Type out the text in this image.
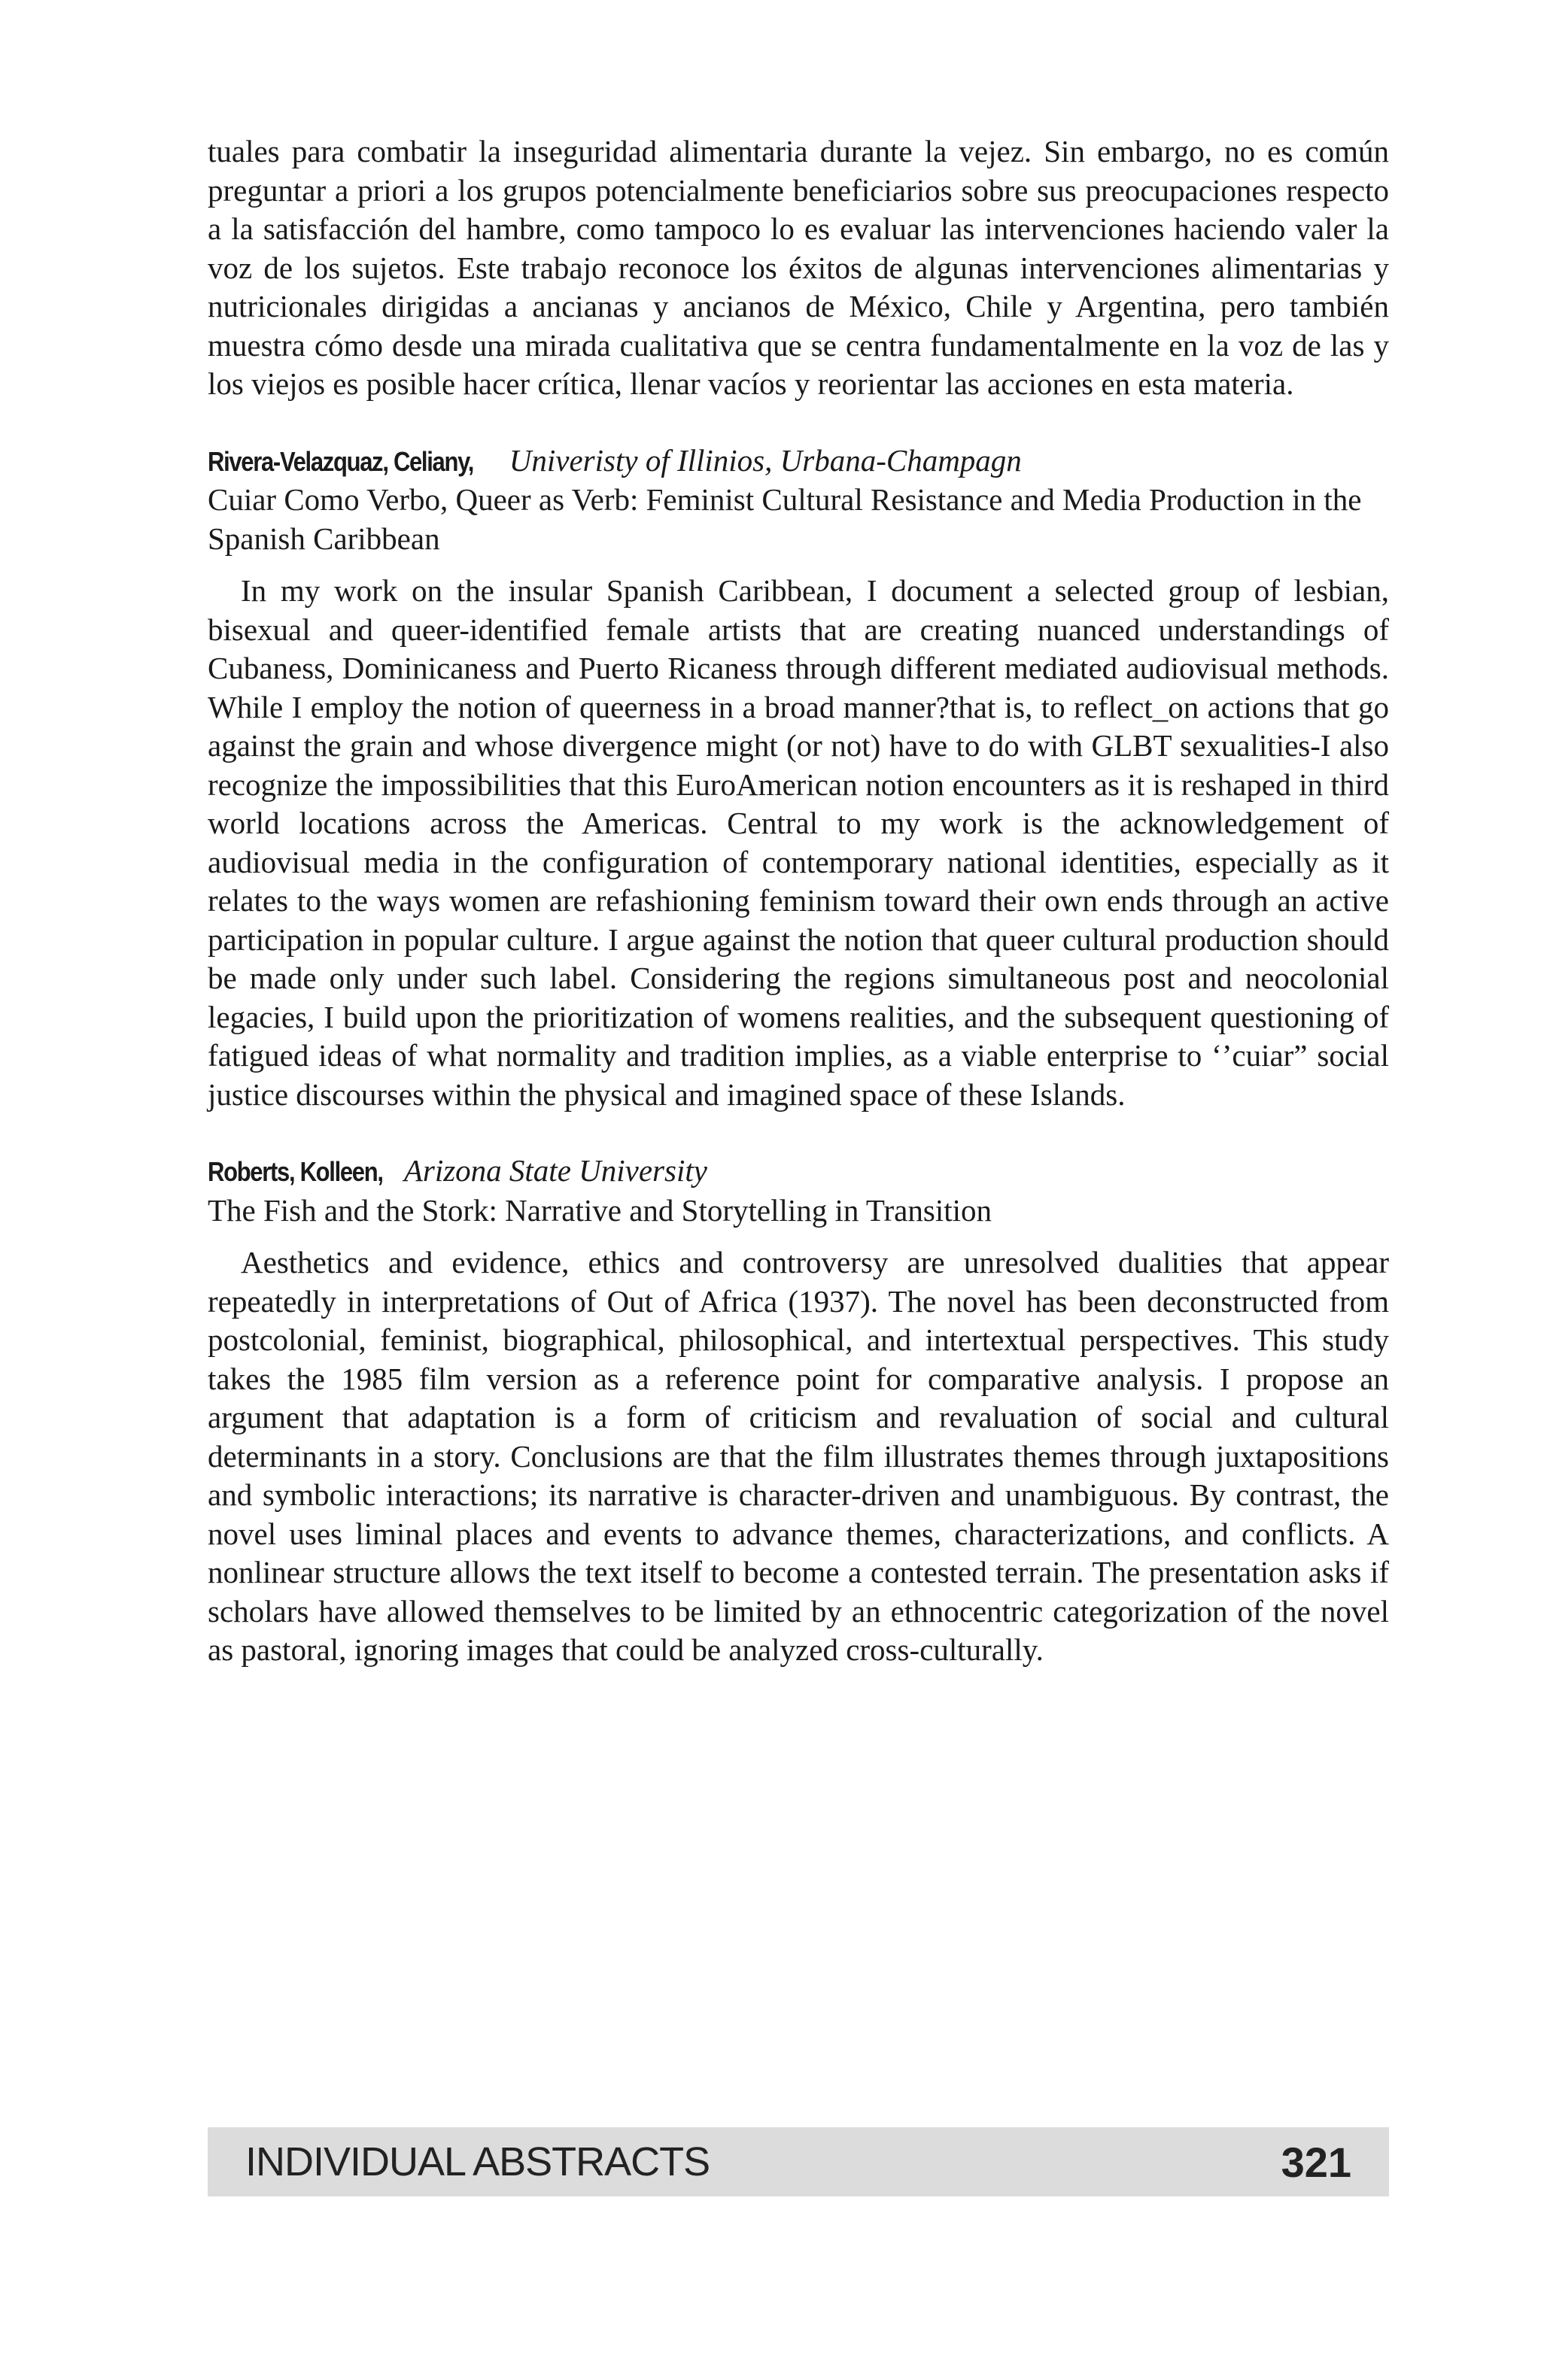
tuales para combatir la inseguridad alimentaria durante la vejez. Sin embargo, no es común preguntar a priori a los grupos potencialmente beneficiarios sobre sus preocupaciones respecto a la satisfacción del hambre, como tampoco lo es evaluar las intervenciones haciendo valer la voz de los sujetos. Este trabajo reconoce los éxitos de algunas intervenciones alimentarias y nutricionales dirigidas a ancianas y ancianos de México, Chile y Argentina, pero también muestra cómo desde una mirada cualitativa que se centra fundamentalmente en la voz de las y los viejos es posible hacer crítica, llenar vacíos y reorientar las acciones en esta materia.

Rivera-Velazquaz, Celiany, Univeristy of Illinios, Urbana-Champagn

Cuiar Como Verbo, Queer as Verb: Feminist Cultural Resistance and Media Production in the Spanish Caribbean

In my work on the insular Spanish Caribbean, I document a selected group of lesbian, bisexual and queer-identified female artists that are creating nuanced understandings of Cubaness, Dominicaness and Puerto Ricaness through different mediated audiovisual methods. While I employ the notion of queerness in a broad manner?that is, to reflect_on actions that go against the grain and whose divergence might (or not) have to do with GLBT sexualities-I also recognize the impossibilities that this EuroAmerican notion encounters as it is reshaped in third world locations across the Americas. Central to my work is the acknowledgement of audiovisual media in the configuration of contemporary national identities, especially as it relates to the ways women are refashioning feminism toward their own ends through an active participation in popular culture. I argue against the notion that queer cultural production should be made only under such label. Considering the regions simultaneous post and neocolonial legacies, I build upon the prioritization of womens realities, and the subsequent questioning of fatigued ideas of what normality and tradition implies, as a viable enterprise to ‘’cuiar” social justice discourses within the physical and imagined space of these Islands.

Roberts, Kolleen, Arizona State University

The Fish and the Stork: Narrative and Storytelling in Transition

Aesthetics and evidence, ethics and controversy are unresolved dualities that appear repeatedly in interpretations of Out of Africa (1937). The novel has been deconstructed from postcolonial, feminist, biographical, philosophical, and intertextual perspectives. This study takes the 1985 film version as a reference point for comparative analysis. I propose an argument that adaptation is a form of criticism and revaluation of social and cultural determinants in a story. Conclusions are that the film illustrates themes through juxtapositions and symbolic interactions; its narrative is character-driven and unambiguous. By contrast, the novel uses liminal places and events to advance themes, characterizations, and conflicts. A nonlinear structure allows the text itself to become a contested terrain. The presentation asks if scholars have allowed themselves to be limited by an ethnocentric categorization of the novel as pastoral, ignoring images that could be analyzed cross-culturally.

INDIVIDUAL ABSTRACTS	321
